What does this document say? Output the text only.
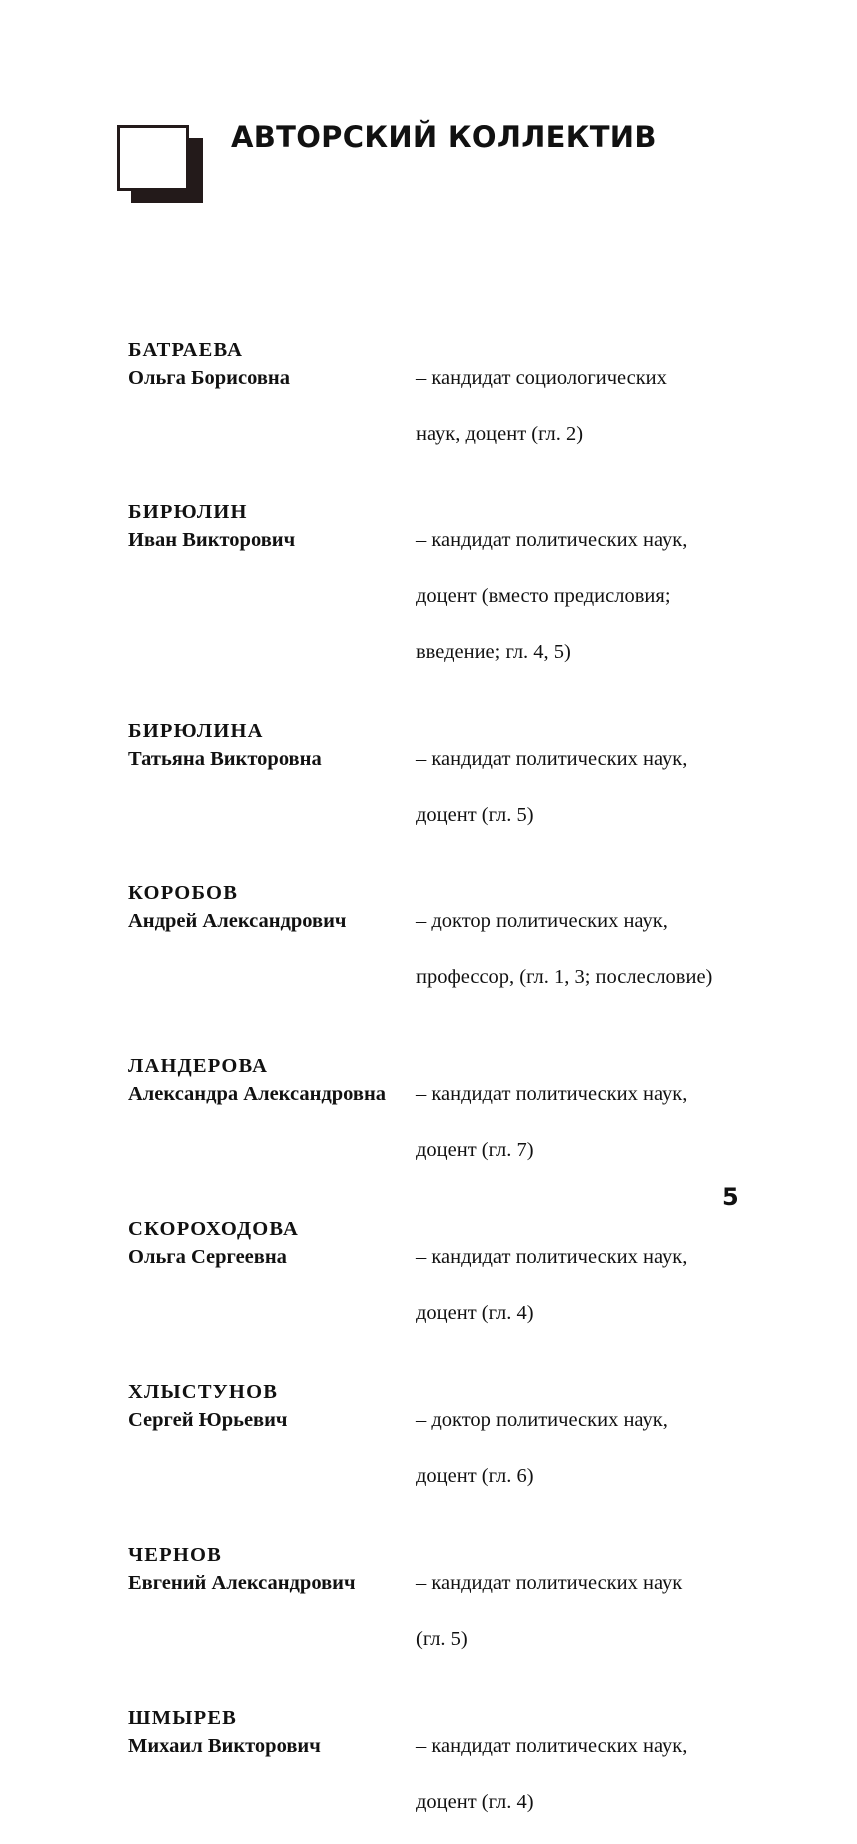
АВТОРСКИЙ КОЛЛЕКТИВ
БАТРАЕВА
Ольга Борисовна	– кандидат социологических

наук, доцент (гл. 2)

БИРЮЛИН
Иван Викторович	– кандидат политических наук,

доцент (вместо предисловия;

введение; гл. 4, 5)

БИРЮЛИНА
Татьяна Викторовна	– кандидат политических наук,

доцент (гл. 5)

КОРОБОВ
Андрей Александрович	– доктор политических наук,

профессор, (гл. 1, 3; послесловие)

ЛАНДЕРОВА
Александра Александровна	– кандидат политических наук,

доцент (гл. 7)

СКОРОХОДОВА
Ольга Сергеевна	– кандидат политических наук,

доцент (гл. 4)

ХЛЫСТУНОВ
Сергей Юрьевич	– доктор политических наук,

доцент (гл. 6)

ЧЕРНОВ
Евгений Александрович	– кандидат политических наук

(гл. 5)

ШМЫРЕВ
Михаил Викторович	– кандидат политических наук,

доцент (гл. 4)

5
